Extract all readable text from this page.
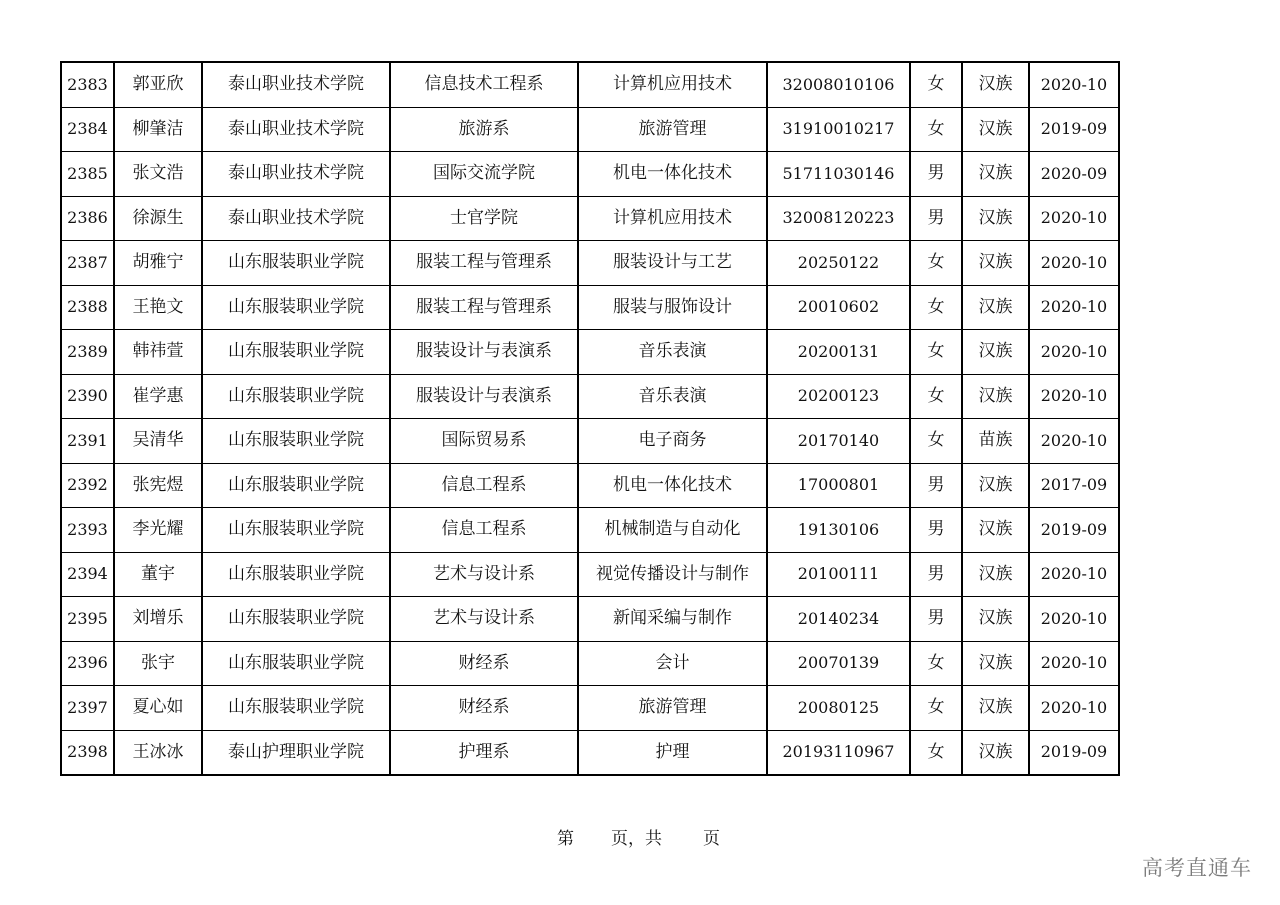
2383	郭亚欣	泰山职业技术学院	信息技术工程系	计算机应用技术	32008010106	女	汉族	2020-10
2384	柳肇洁	泰山职业技术学院	旅游系	旅游管理	31910010217	女	汉族	2019-09
2385	张文浩	泰山职业技术学院	国际交流学院	机电一体化技术	51711030146	男	汉族	2020-09
2386	徐源生	泰山职业技术学院	士官学院	计算机应用技术	32008120223	男	汉族	2020-10
2387	胡雅宁	山东服装职业学院	服装工程与管理系	服装设计与工艺	20250122	女	汉族	2020-10
2388	王艳文	山东服装职业学院	服装工程与管理系	服装与服饰设计	20010602	女	汉族	2020-10
2389	韩祎萱	山东服装职业学院	服装设计与表演系	音乐表演	20200131	女	汉族	2020-10
2390	崔学惠	山东服装职业学院	服装设计与表演系	音乐表演	20200123	女	汉族	2020-10
2391	吴清华	山东服装职业学院	国际贸易系	电子商务	20170140	女	苗族	2020-10
2392	张宪煜	山东服装职业学院	信息工程系	机电一体化技术	17000801	男	汉族	2017-09
2393	李光耀	山东服装职业学院	信息工程系	机械制造与自动化	19130106	男	汉族	2019-09
2394	董宇	山东服装职业学院	艺术与设计系	视觉传播设计与制作	20100111	男	汉族	2020-10
2395	刘增乐	山东服装职业学院	艺术与设计系	新闻采编与制作	20140234	男	汉族	2020-10
2396	张宇	山东服装职业学院	财经系	会计	20070139	女	汉族	2020-10
2397	夏心如	山东服装职业学院	财经系	旅游管理	20080125	女	汉族	2020-10
2398	王冰冰	泰山护理职业学院	护理系	护理	20193110967	女	汉族	2019-09
第 页，共 页
高考直通车
